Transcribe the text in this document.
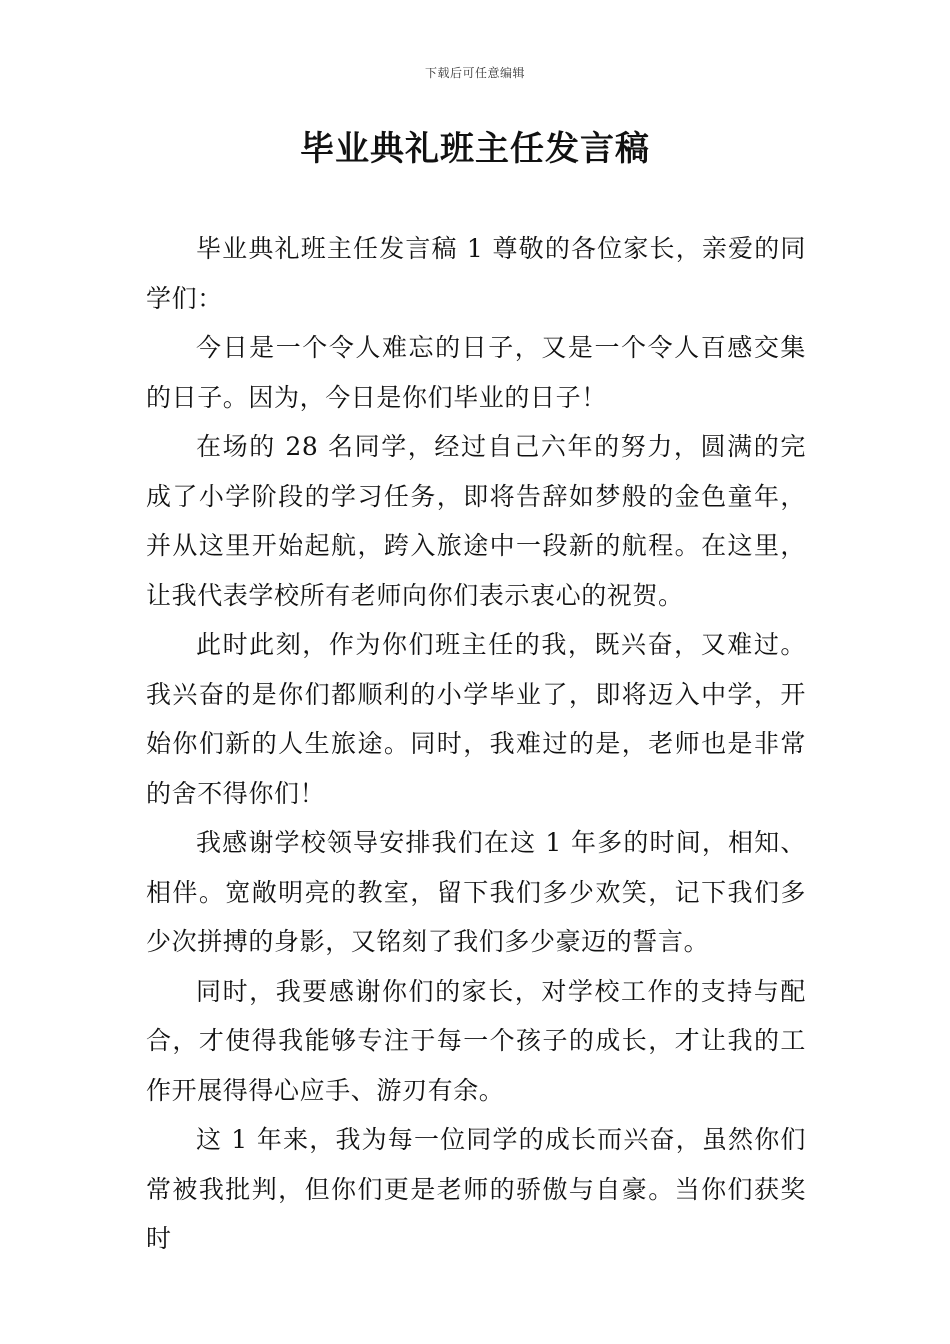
下载后可任意编辑
毕业典礼班主任发言稿

毕业典礼班主任发言稿 1 尊敬的各位家长，亲爱的同学们：

今日是一个令人难忘的日子，又是一个令人百感交集的日子。因为，今日是你们毕业的日子！

在场的 28 名同学，经过自己六年的努力，圆满的完成了小学阶段的学习任务，即将告辞如梦般的金色童年，并从这里开始起航，跨入旅途中一段新的航程。在这里，让我代表学校所有老师向你们表示衷心的祝贺。

此时此刻，作为你们班主任的我，既兴奋，又难过。我兴奋的是你们都顺利的小学毕业了，即将迈入中学，开始你们新的人生旅途。同时，我难过的是，老师也是非常的舍不得你们！

我感谢学校领导安排我们在这 1 年多的时间，相知、相伴。宽敞明亮的教室，留下我们多少欢笑，记下我们多少次拼搏的身影，又铭刻了我们多少豪迈的誓言。

同时，我要感谢你们的家长，对学校工作的支持与配合，才使得我能够专注于每一个孩子的成长，才让我的工作开展得得心应手、游刃有余。

这 1 年来，我为每一位同学的成长而兴奋，虽然你们常被我批判，但你们更是老师的骄傲与自豪。当你们获奖时
